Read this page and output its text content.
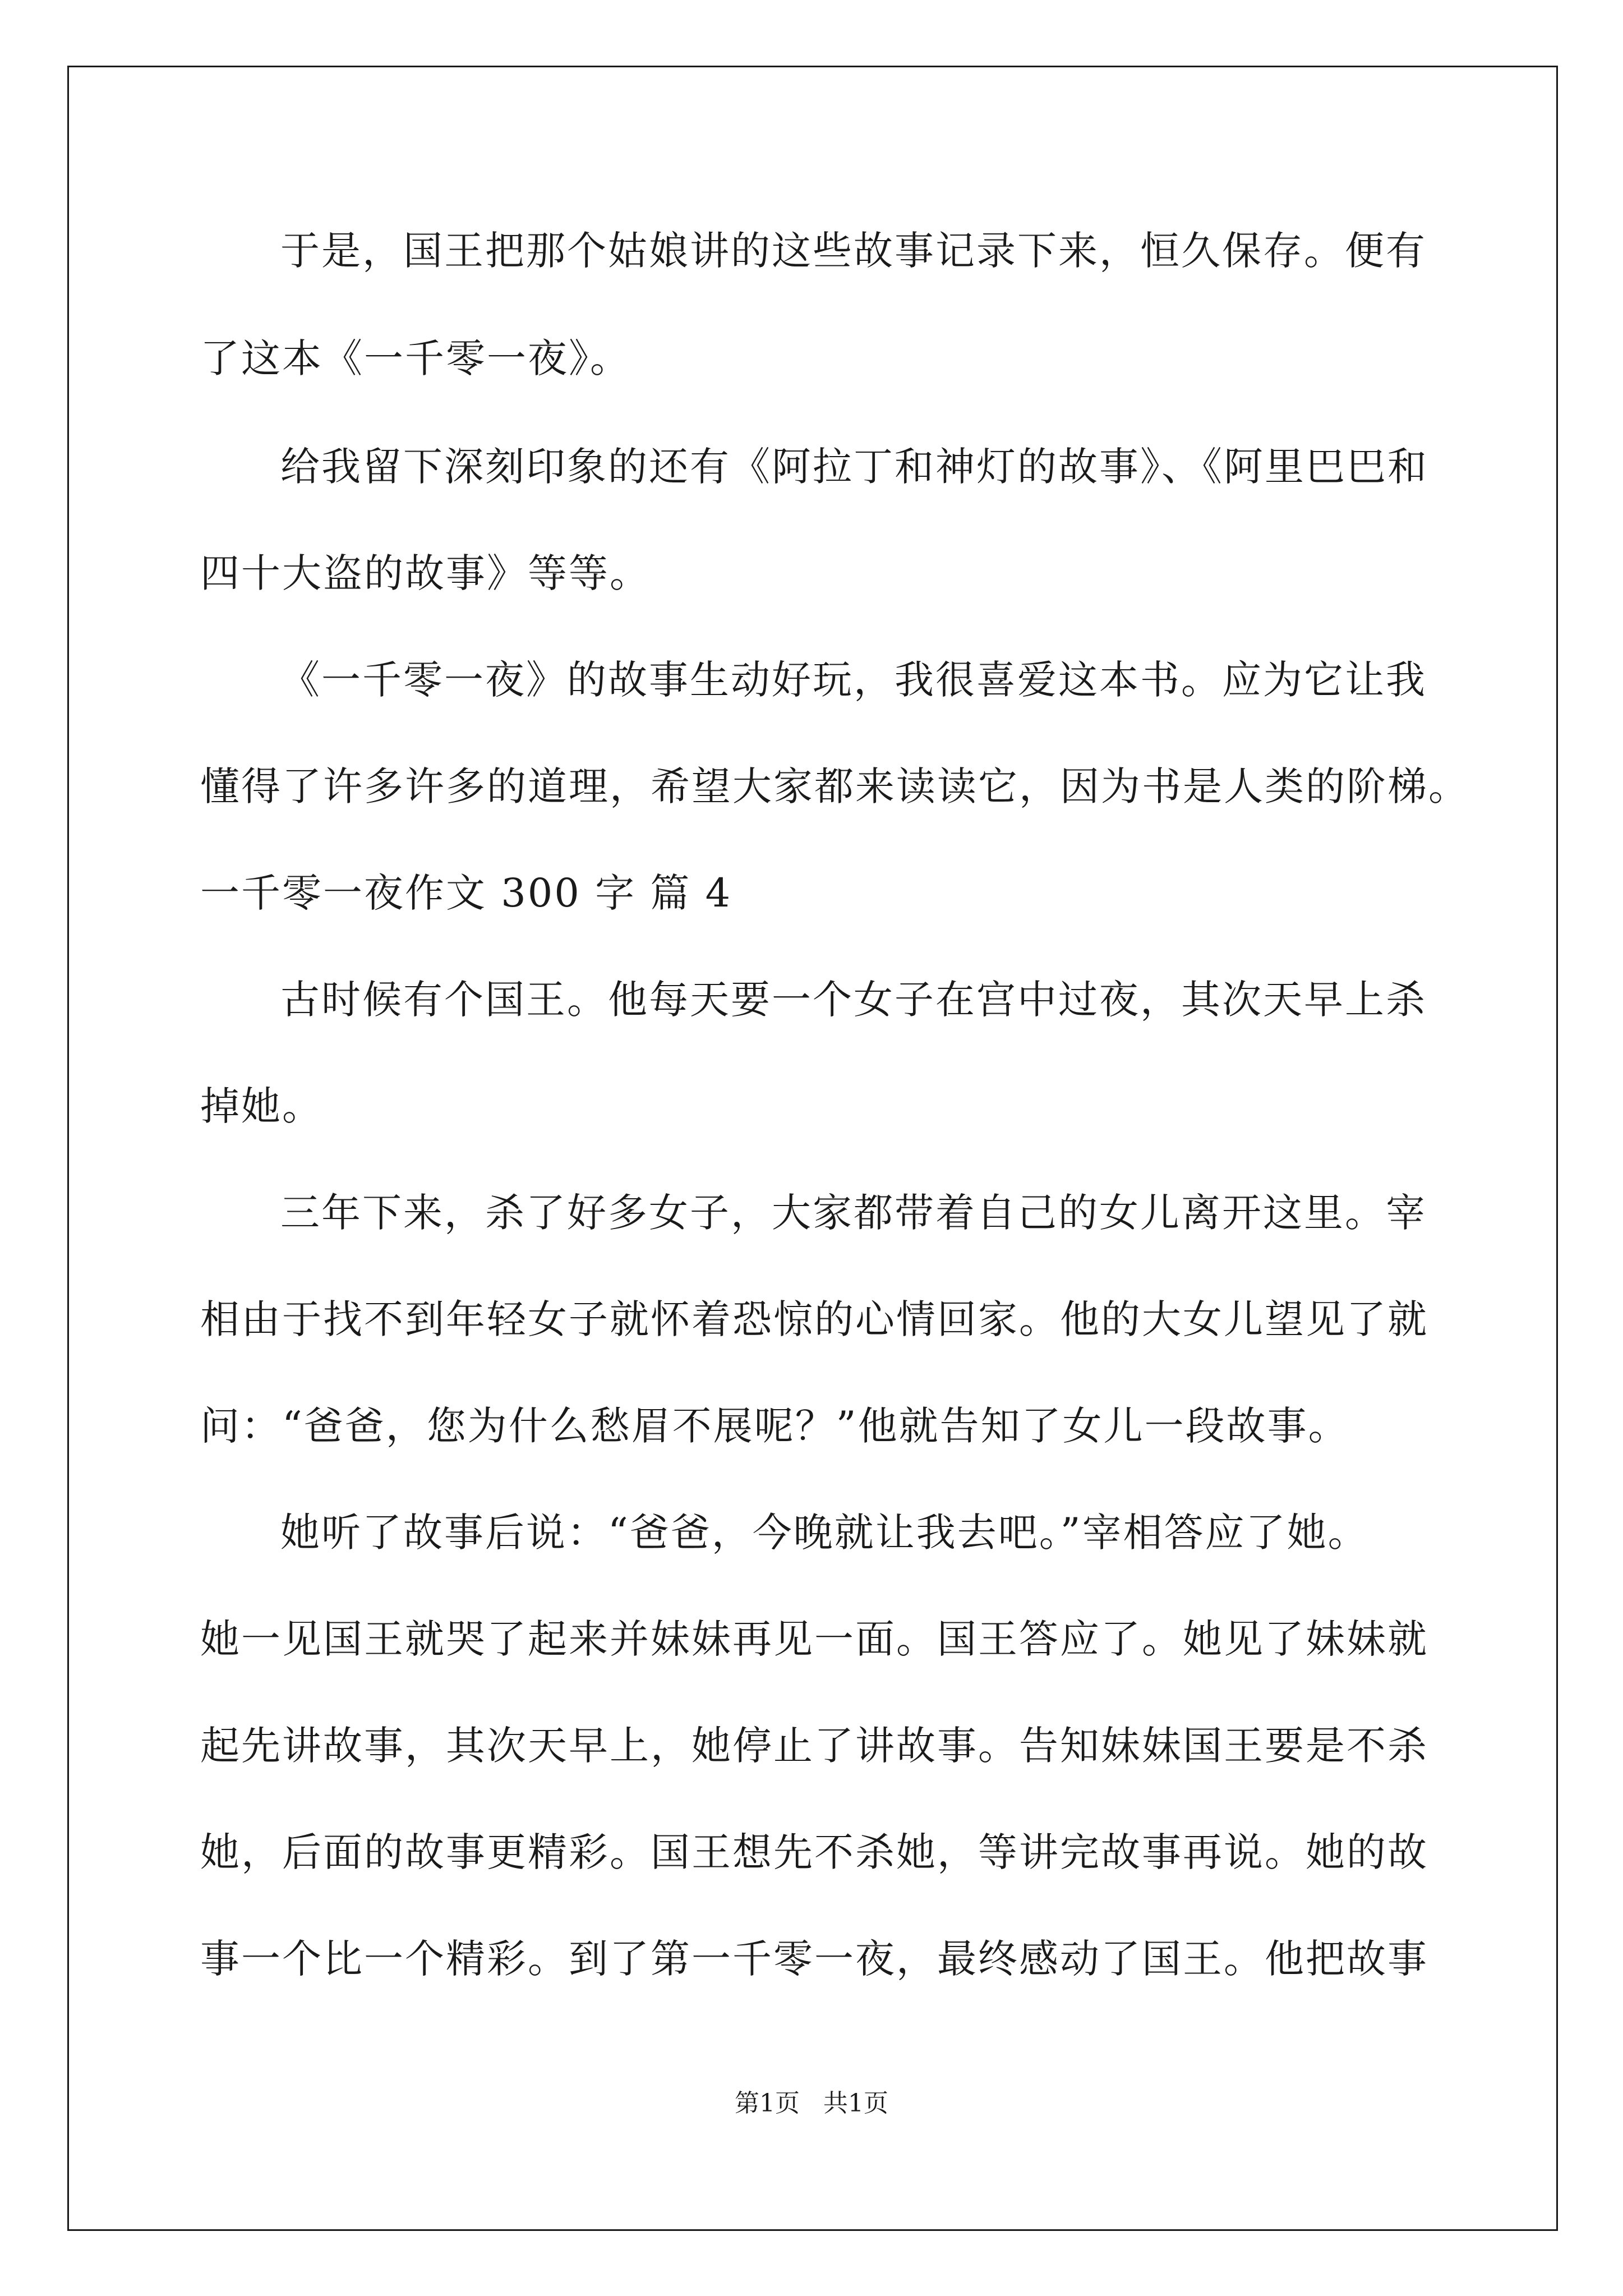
于是，国王把那个姑娘讲的这些故事记录下来，恒久保存。便有
了这本《一千零一夜》。
给我留下深刻印象的还有《阿拉丁和神灯的故事》、《阿里巴巴和
四十大盗的故事》等等。
《一千零一夜》的故事生动好玩，我很喜爱这本书。应为它让我
懂得了许多许多的道理，希望大家都来读读它，因为书是人类的阶梯。
一千零一夜作文 300 字 篇 4
古时候有个国王。他每天要一个女子在宫中过夜，其次天早上杀
掉她。
三年下来，杀了好多女子，大家都带着自己的女儿离开这里。宰
相由于找不到年轻女子就怀着恐惊的心情回家。他的大女儿望见了就
问：“爸爸，您为什么愁眉不展呢？”他就告知了女儿一段故事。
她听了故事后说：“爸爸，今晚就让我去吧。”宰相答应了她。
她一见国王就哭了起来并妹妹再见一面。国王答应了。她见了妹妹就
起先讲故事，其次天早上，她停止了讲故事。告知妹妹国王要是不杀
她，后面的故事更精彩。国王想先不杀她，等讲完故事再说。她的故
事一个比一个精彩。到了第一千零一夜，最终感动了国王。他把故事
第1页   共1页
